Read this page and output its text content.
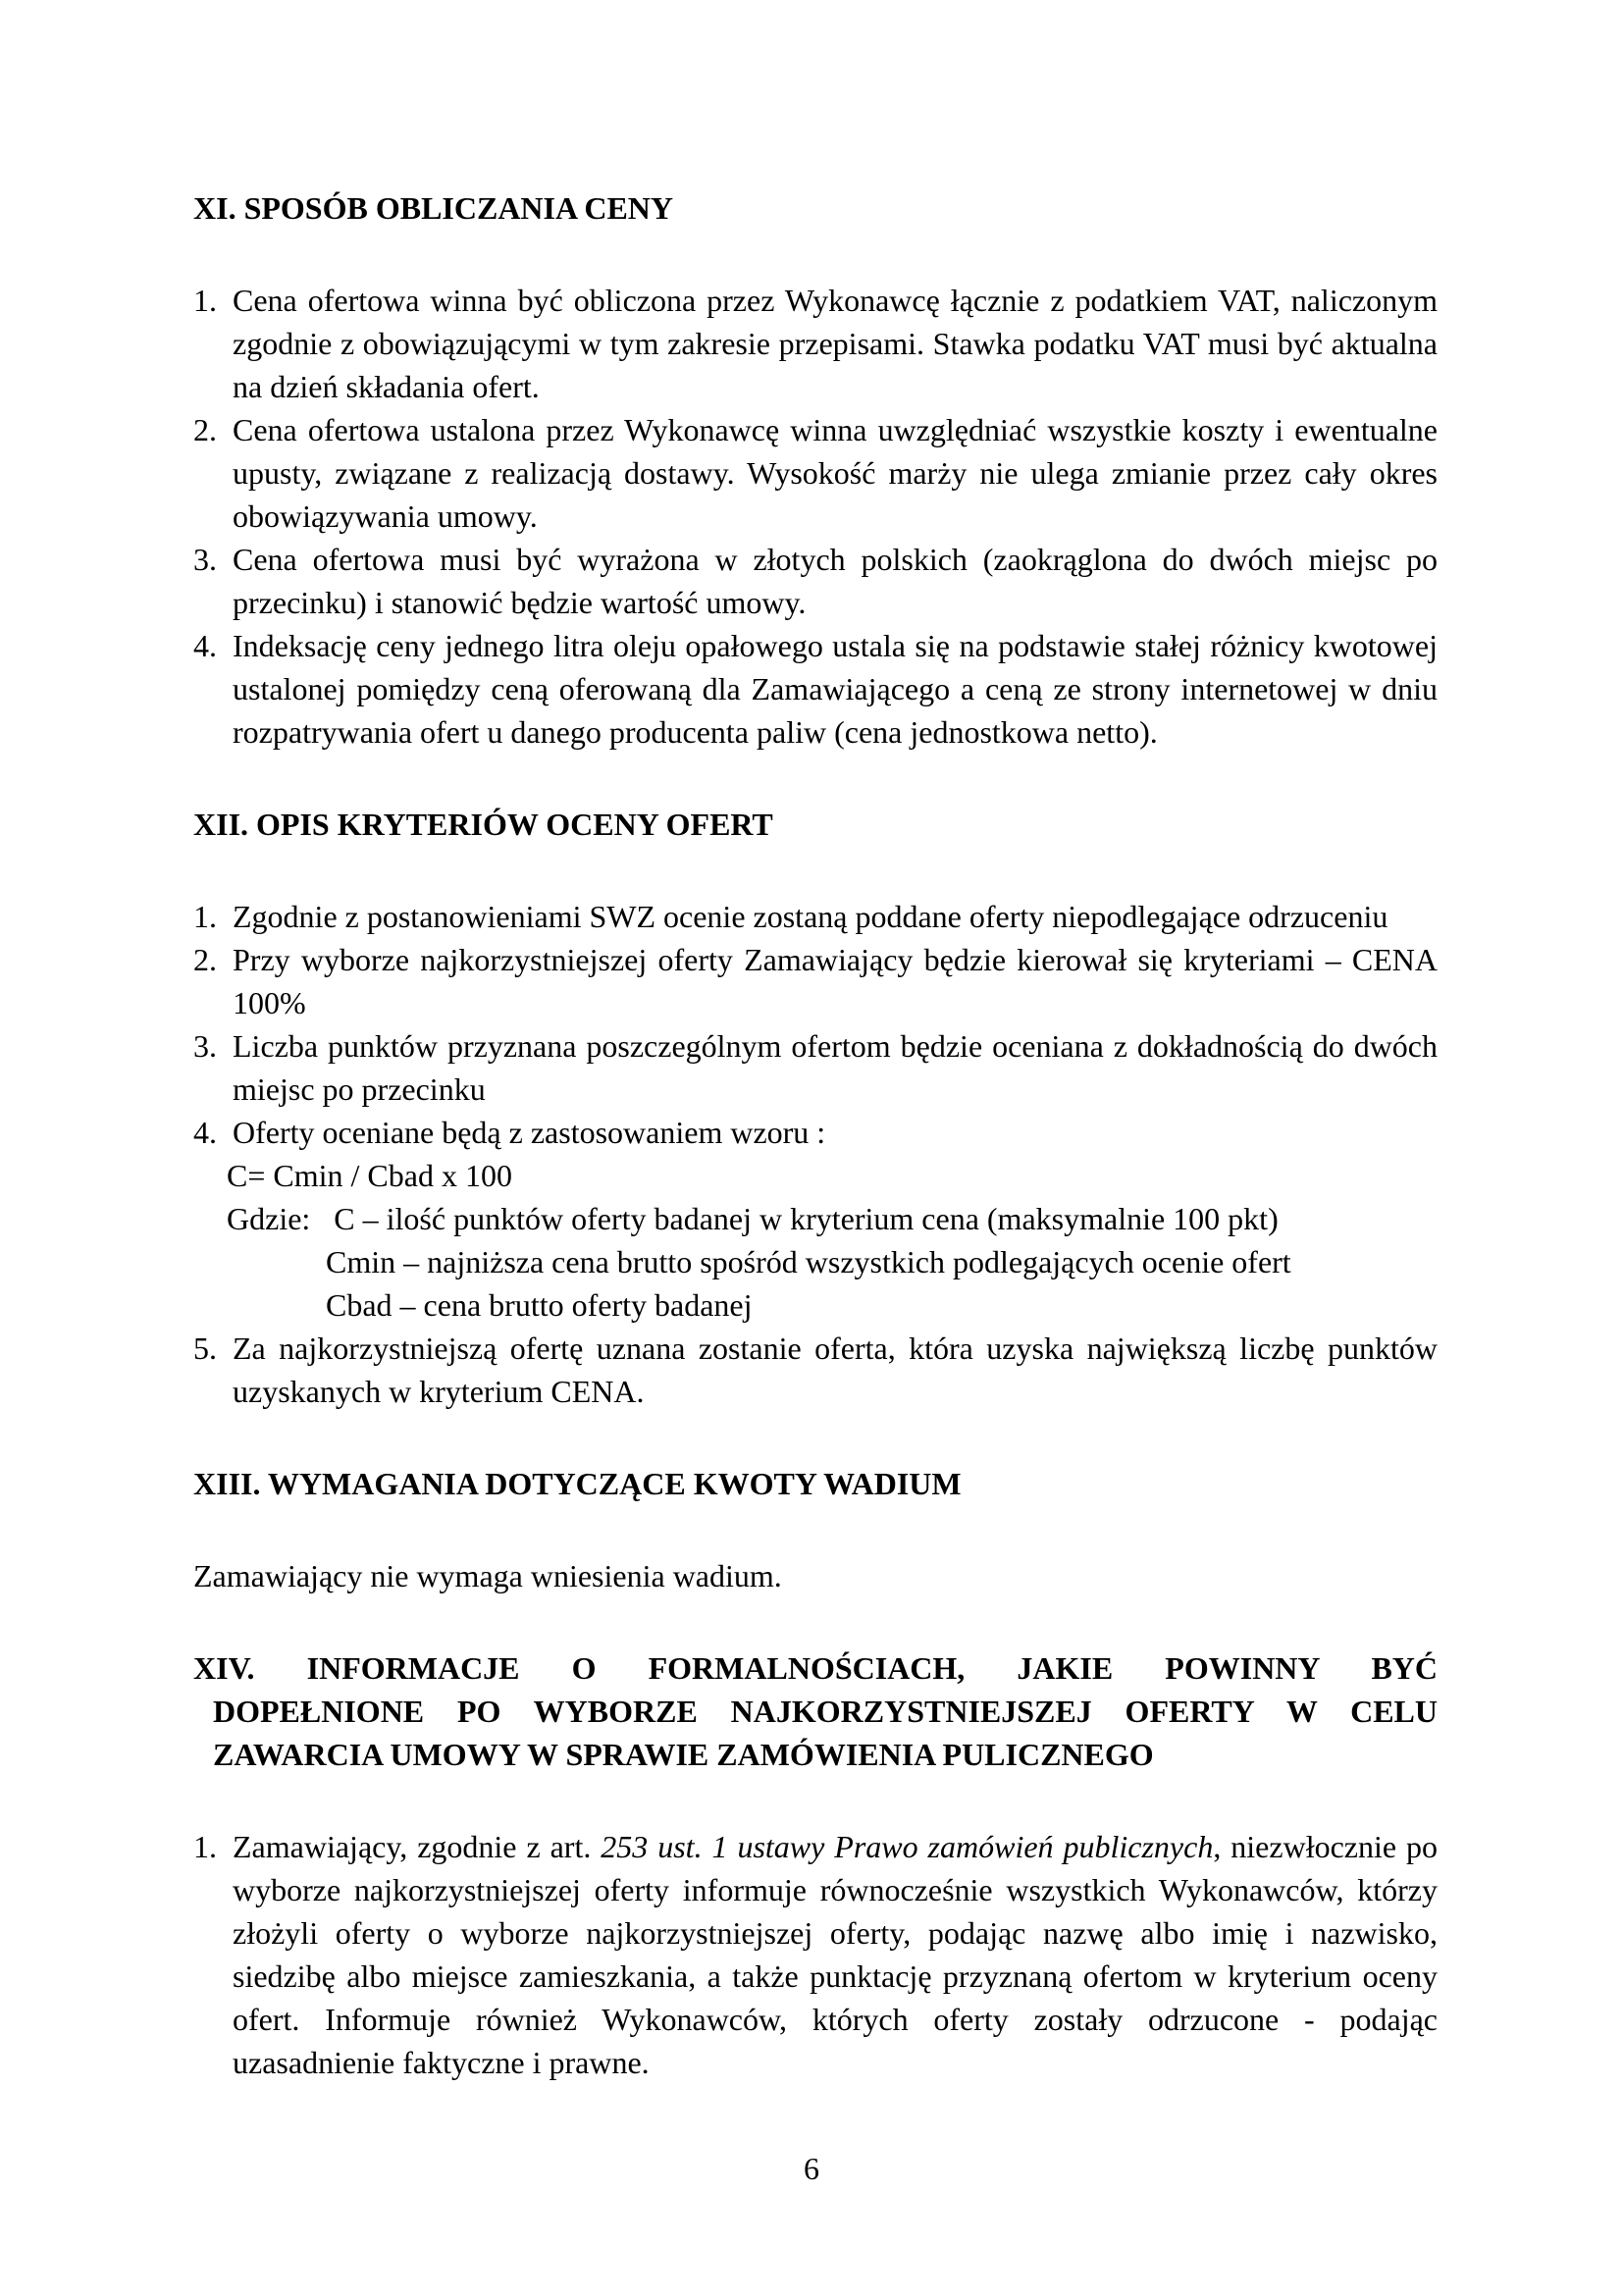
XI. SPOSÓB OBLICZANIA CENY

1. Cena ofertowa winna być obliczona przez Wykonawcę łącznie z podatkiem VAT, naliczonym zgodnie z obowiązującymi w tym zakresie przepisami. Stawka podatku VAT musi być aktualna na dzień składania ofert.
2. Cena ofertowa ustalona przez Wykonawcę winna uwzględniać wszystkie koszty i ewentualne upusty, związane z realizacją dostawy. Wysokość marży nie ulega zmianie przez cały okres obowiązywania umowy.
3. Cena ofertowa musi być wyrażona w złotych polskich (zaokrąglona do dwóch miejsc po przecinku) i stanowić będzie wartość umowy.
4. Indeksację ceny jednego litra oleju opałowego ustala się na podstawie stałej różnicy kwotowej ustalonej pomiędzy ceną oferowaną dla Zamawiającego a ceną ze strony internetowej w dniu rozpatrywania ofert u danego producenta paliw (cena jednostkowa netto).

XII. OPIS KRYTERIÓW OCENY OFERT

1. Zgodnie z postanowieniami SWZ ocenie zostaną poddane oferty niepodlegające odrzuceniu
2. Przy wyborze najkorzystniejszej oferty Zamawiający będzie kierował się kryteriami – CENA 100%
3. Liczba punktów przyznana poszczególnym ofertom będzie oceniana z dokładnością do dwóch miejsc po przecinku
4. Oferty oceniane będą z zastosowaniem wzoru :
C= Cmin / Cbad x 100
Gdzie: C – ilość punktów oferty badanej w kryterium cena (maksymalnie 100 pkt)
Cmin – najniższa cena brutto spośród wszystkich podlegających ocenie ofert
Cbad – cena brutto oferty badanej
5. Za najkorzystniejszą ofertę uznana zostanie oferta, która uzyska największą liczbę punktów uzyskanych w kryterium CENA.

XIII. WYMAGANIA DOTYCZĄCE KWOTY WADIUM

Zamawiający nie wymaga wniesienia wadium.

XIV. INFORMACJE O FORMALNOŚCIACH, JAKIE POWINNY BYĆ
DOPEŁNIONE PO WYBORZE NAJKORZYSTNIEJSZEJ OFERTY W CELU
ZAWARCIA UMOWY W SPRAWIE ZAMÓWIENIA PULICZNEGO

1. Zamawiający, zgodnie z art. 253 ust. 1 ustawy Prawo zamówień publicznych, niezwłocznie po wyborze najkorzystniejszej oferty informuje równocześnie wszystkich Wykonawców, którzy złożyli oferty o wyborze najkorzystniejszej oferty, podając nazwę albo imię i nazwisko, siedzibę albo miejsce zamieszkania, a także punktację przyznaną ofertom w kryterium oceny ofert. Informuje również Wykonawców, których oferty zostały odrzucone - podając uzasadnienie faktyczne i prawne.
6
